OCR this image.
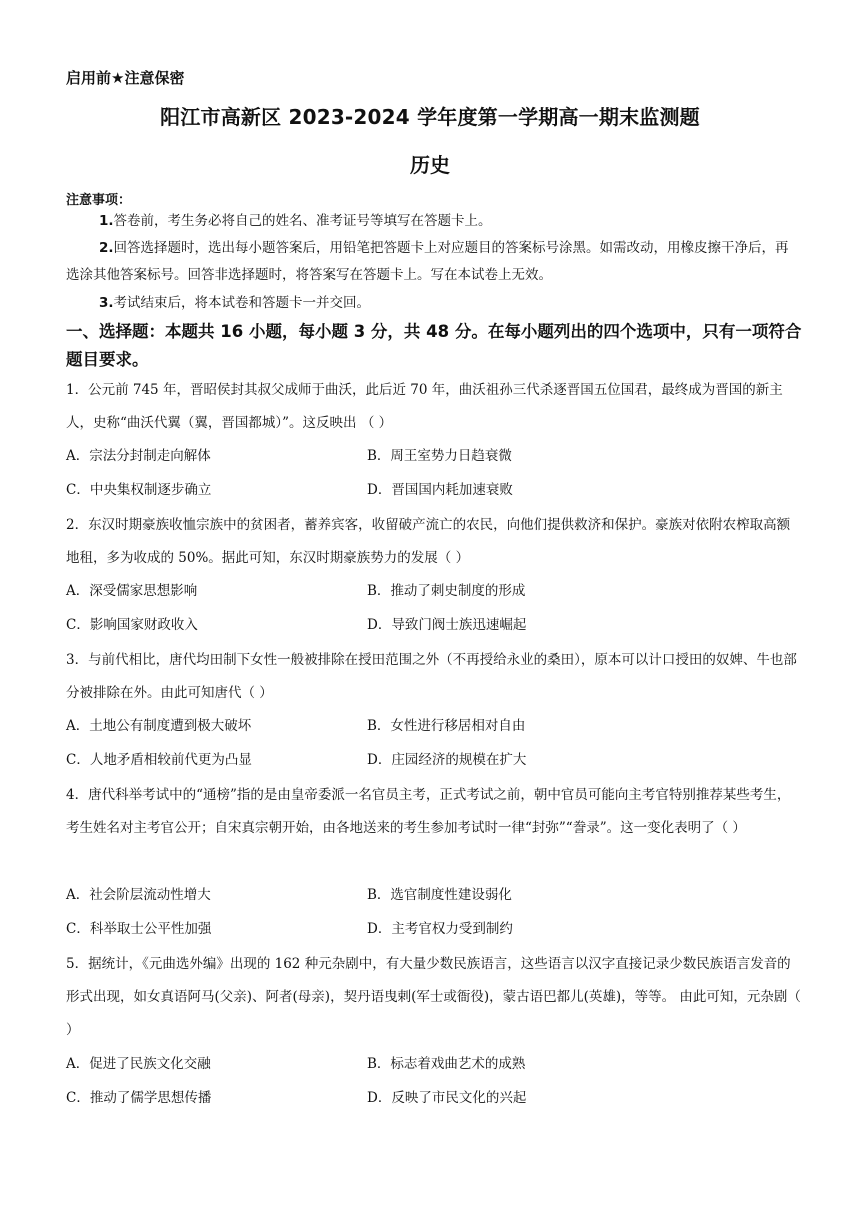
启用前★注意保密
阳江市高新区 2023-2024 学年度第一学期高一期末监测题
历史
注意事项：
1.答卷前，考生务必将自己的姓名、准考证号等填写在答题卡上。
2.回答选择题时，选出每小题答案后，用铅笔把答题卡上对应题目的答案标号涂黑。如需改动，用橡皮擦干净后，再选涂其他答案标号。回答非选择题时，将答案写在答题卡上。写在本试卷上无效。
3.考试结束后，将本试卷和答题卡一并交回。
一、选择题：本题共 16 小题，每小题 3 分，共 48 分。在每小题列出的四个选项中，只有一项符合题目要求。
1．公元前 745 年，晋昭侯封其叔父成师于曲沃，此后近 70 年，曲沃祖孙三代杀逐晋国五位国君，最终成为晋国的新主人，史称“曲沃代翼（翼，晋国都城）”。这反映出 （ ）
A．宗法分封制走向解体	B．周王室势力日趋衰微
C．中央集权制逐步确立	D．晋国国内耗加速衰败
2．东汉时期豪族收恤宗族中的贫困者，蓄养宾客，收留破产流亡的农民，向他们提供救济和保护。豪族对依附农榨取高额地租，多为收成的 50%。据此可知，东汉时期豪族势力的发展（ ）
A．深受儒家思想影响	B．推动了刺史制度的形成
C．影响国家财政收入	D．导致门阀士族迅速崛起
3．与前代相比，唐代均田制下女性一般被排除在授田范围之外（不再授给永业的桑田），原本可以计口授田的奴婢、牛也部分被排除在外。由此可知唐代（ ）
A．土地公有制度遭到极大破坏	B．女性进行移居相对自由
C．人地矛盾相较前代更为凸显	D．庄园经济的规模在扩大
4．唐代科举考试中的“通榜”指的是由皇帝委派一名官员主考，正式考试之前，朝中官员可能向主考官特别推荐某些考生，考生姓名对主考官公开；自宋真宗朝开始，由各地送来的考生参加考试时一律“封弥”“誊录”。这一变化表明了（ ）
A．社会阶层流动性增大	B．选官制度性建设弱化
C．科举取士公平性加强	D．主考官权力受到制约
5．据统计，《元曲选外编》出现的 162 种元杂剧中，有大量少数民族语言，这些语言以汉字直接记录少数民族语言发音的形式出现，如女真语阿马(父亲)、阿者(母亲)，契丹语曳剌(军士或衙役)，蒙古语巴都儿(英雄)，等等。 由此可知，元杂剧（ ）
A．促进了民族文化交融	B．标志着戏曲艺术的成熟
C．推动了儒学思想传播	D．反映了市民文化的兴起
